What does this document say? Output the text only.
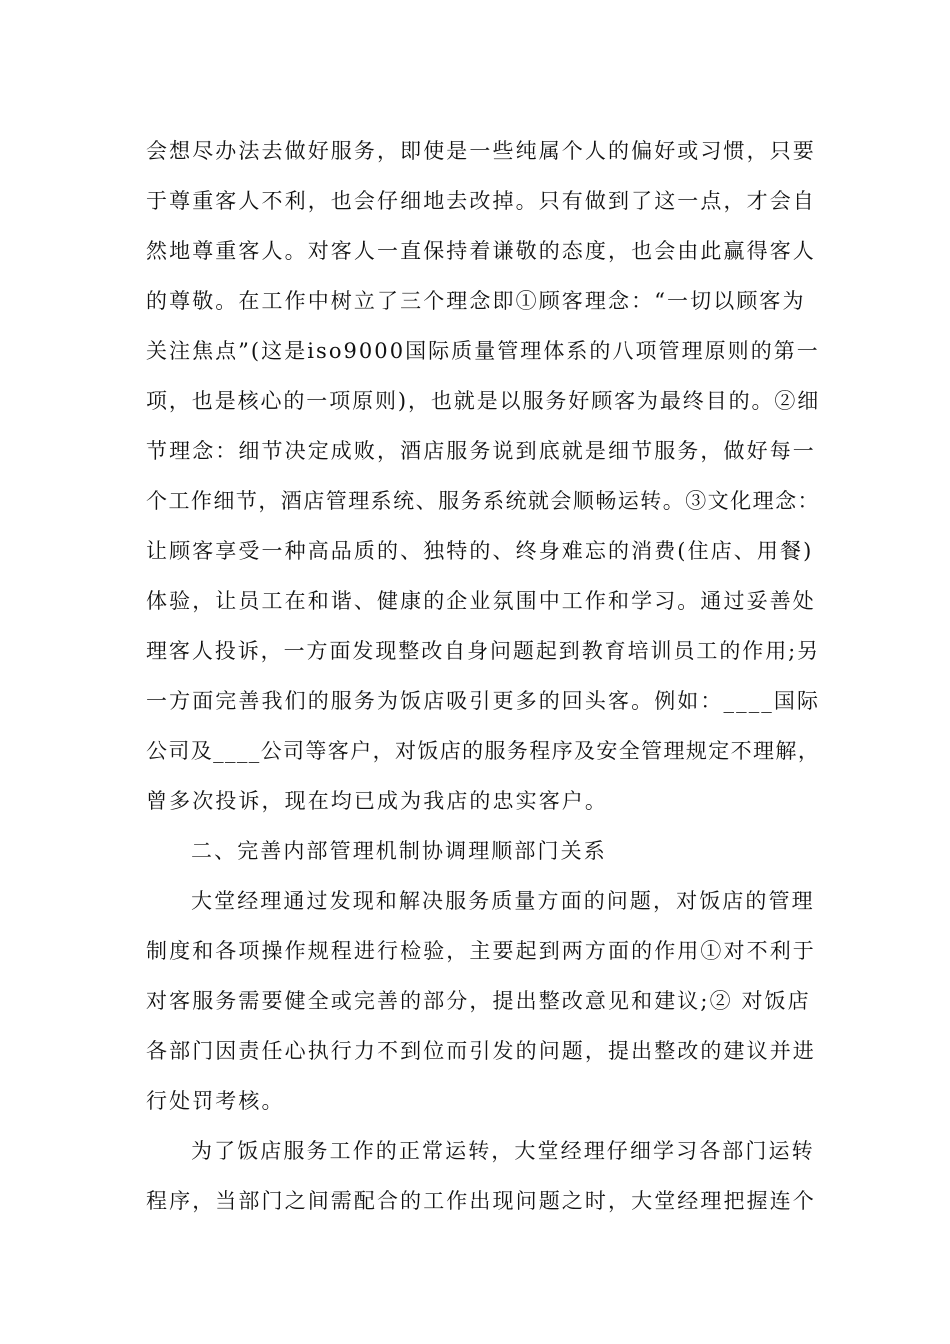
会想尽办法去做好服务，即使是一些纯属个人的偏好或习惯，只要
于尊重客人不利，也会仔细地去改掉。只有做到了这一点，才会自
然地尊重客人。对客人一直保持着谦敬的态度，也会由此赢得客人
的尊敬。在工作中树立了三个理念即①顾客理念：“一切以顾客为
关注焦点”(这是iso9000国际质量管理体系的八项管理原则的第一
项，也是核心的一项原则)，也就是以服务好顾客为最终目的。②细
节理念：细节决定成败，酒店服务说到底就是细节服务，做好每一
个工作细节，酒店管理系统、服务系统就会顺畅运转。③文化理念：
让顾客享受一种高品质的、独特的、终身难忘的消费(住店、用餐)
体验，让员工在和谐、健康的企业氛围中工作和学习。通过妥善处
理客人投诉，一方面发现整改自身问题起到教育培训员工的作用;另
一方面完善我们的服务为饭店吸引更多的回头客。例如：____国际
公司及____公司等客户，对饭店的服务程序及安全管理规定不理解，
曾多次投诉，现在均已成为我店的忠实客户。
二、完善内部管理机制协调理顺部门关系
大堂经理通过发现和解决服务质量方面的问题，对饭店的管理
制度和各项操作规程进行检验，主要起到两方面的作用①对不利于
对客服务需要健全或完善的部分，提出整改意见和建议;② 对饭店
各部门因责任心执行力不到位而引发的问题，提出整改的建议并进
行处罚考核。
为了饭店服务工作的正常运转，大堂经理仔细学习各部门运转
程序，当部门之间需配合的工作出现问题之时，大堂经理把握连个
